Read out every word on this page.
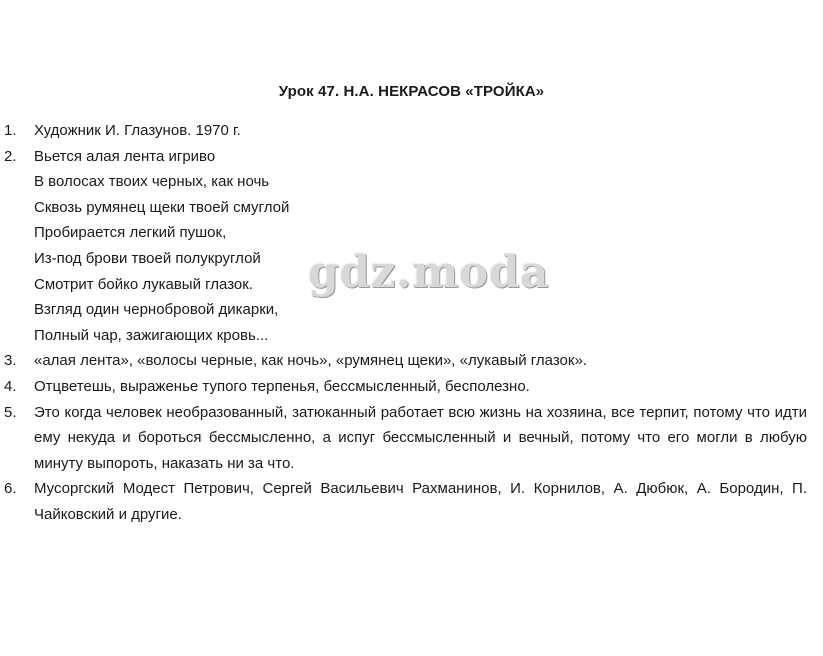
Урок 47. Н.А. НЕКРАСОВ «ТРОЙКА»
1.	Художник И. Глазунов. 1970 г.
2.	Вьется алая лента игриво
В волосах твоих черных, как ночь
Сквозь румянец щеки твоей смуглой
Пробирается легкий пушок,
Из-под брови твоей полукруглой
Смотрит бойко лукавый глазок.
Взгляд один чернобровой дикарки,
Полный чар, зажигающих кровь...
3.	«алая лента», «волосы черные, как ночь», «румянец щеки», «лукавый глазок».
4.	Отцветешь, выраженье тупого терпенья, бессмысленный, бесполезно.
5.	Это когда человек необразованный, затюканный работает всю жизнь на хозяина, все терпит, потому что идти ему некуда и бороться бессмысленно, а испуг бессмысленный и вечный, потому что его могли в любую минуту выпороть, наказать ни за что.
6.	Мусоргский Модест Петрович, Сергей Васильевич Рахманинов, И. Корнилов, А. Дюбюк, А. Бородин, П. Чайковский и другие.
gdz.moda
